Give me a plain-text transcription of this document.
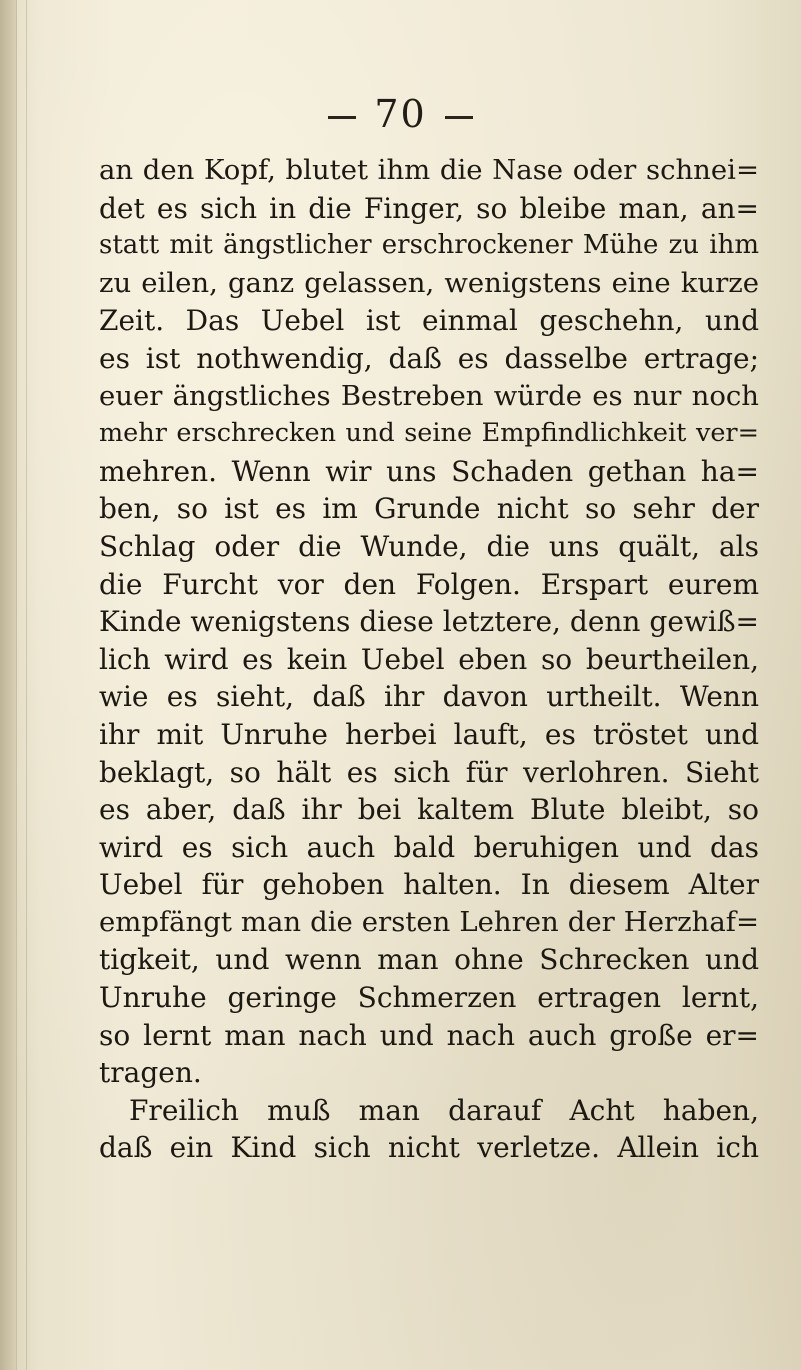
70
an den Kopf, blutet ihm die Nase oder schnei=
det es sich in die Finger, so bleibe man, an=
statt mit ängstlicher erschrockener Mühe zu ihm
zu eilen, ganz gelassen, wenigstens eine kurze
Zeit. Das Uebel ist einmal geschehn, und
es ist nothwendig, daß es dasselbe ertrage;
euer ängstliches Bestreben würde es nur noch
mehr erschrecken und seine Empfindlichkeit ver=
mehren. Wenn wir uns Schaden gethan ha=
ben, so ist es im Grunde nicht so sehr der
Schlag oder die Wunde, die uns quält, als
die Furcht vor den Folgen. Erspart eurem
Kinde wenigstens diese letztere, denn gewiß=
lich wird es kein Uebel eben so beurtheilen,
wie es sieht, daß ihr davon urtheilt. Wenn
ihr mit Unruhe herbei lauft, es tröstet und
beklagt, so hält es sich für verlohren. Sieht
es aber, daß ihr bei kaltem Blute bleibt, so
wird es sich auch bald beruhigen und das
Uebel für gehoben halten. In diesem Alter
empfängt man die ersten Lehren der Herzhaf=
tigkeit, und wenn man ohne Schrecken und
Unruhe geringe Schmerzen ertragen lernt,
so lernt man nach und nach auch große er=
tragen.
Freilich muß man darauf Acht haben,
daß ein Kind sich nicht verletze. Allein ich
